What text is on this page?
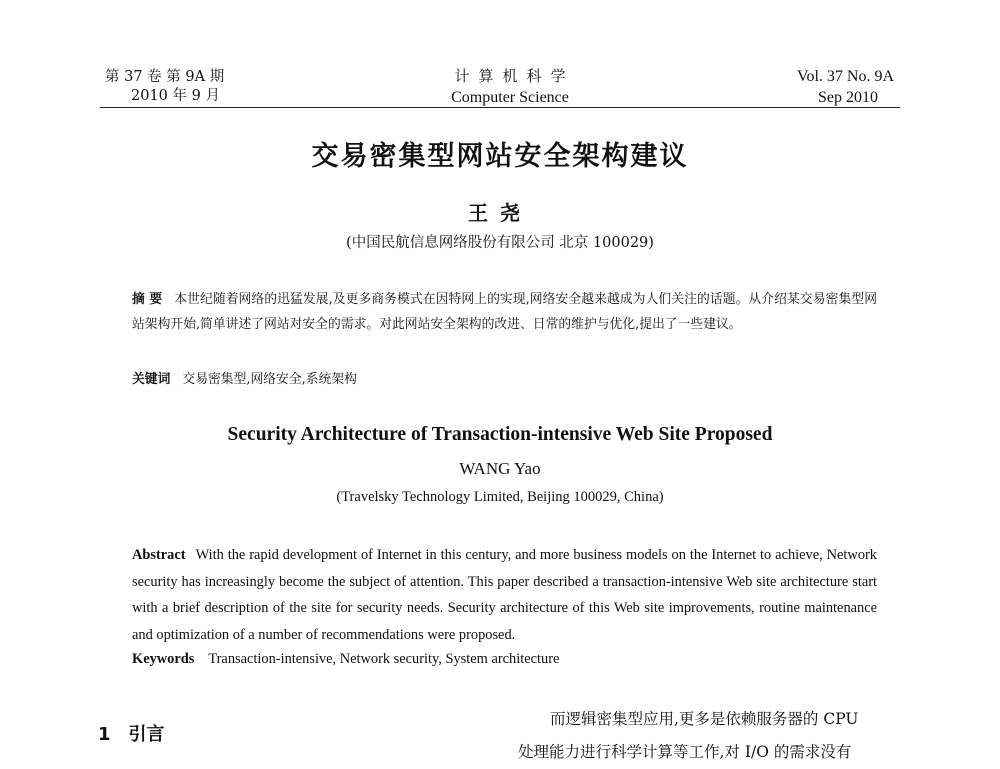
第 37 卷 第 9A 期
2010 年 9 月
计算机科学
Computer Science
Vol. 37 No. 9A
Sep 2010
交易密集型网站安全架构建议
王尧
(中国民航信息网络股份有限公司 北京 100029)
摘 要 本世纪随着网络的迅猛发展,及更多商务模式在因特网上的实现,网络安全越来越成为人们关注的话题。从介绍某交易密集型网站架构开始,简单讲述了网站对安全的需求。对此网站安全架构的改进、日常的维护与优化,提出了一些建议。
关键词 交易密集型,网络安全,系统架构
Security Architecture of Transaction-intensive Web Site Proposed
WANG Yao
(Travelsky Technology Limited, Beijing 100029, China)
Abstract With the rapid development of Internet in this century, and more business models on the Internet to achieve, Network security has increasingly become the subject of attention. This paper described a transaction-intensive Web site architecture start with a brief description of the site for security needs. Security architecture of this Web site improvements, routine maintenance and optimization of a number of recommendations were proposed.
Keywords Transaction-intensive, Network security, System architecture
1 引言
而逻辑密集型应用,更多是依赖服务器的 CPU
处理能力进行科学计算等工作,对 I/O 的需求没有
